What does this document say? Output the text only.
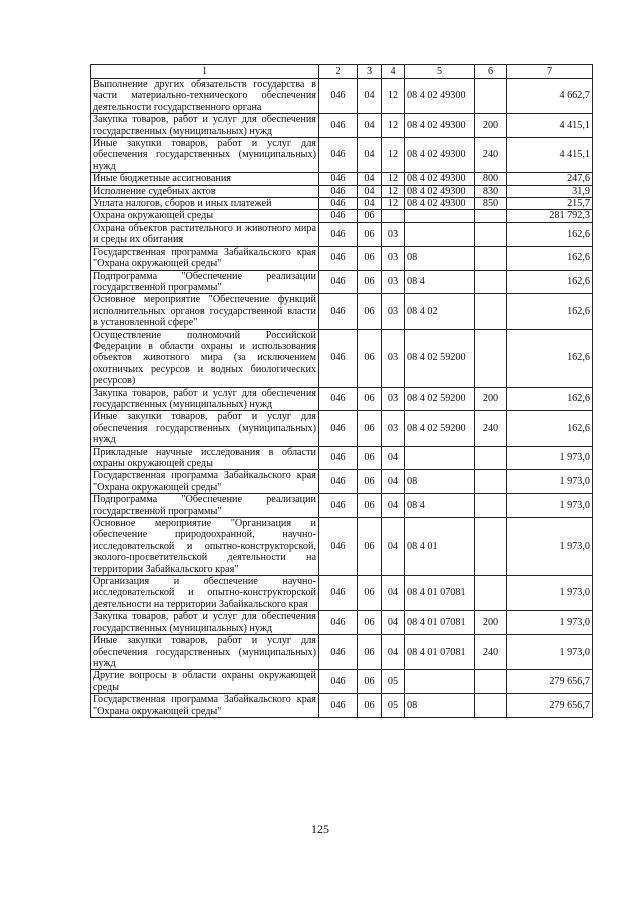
1	2	3	4	5	6	7
Выполнение других обязательств государства в части материально-технического обеспечения деятельности государственного органа	046	04	12	08 4 02 49300		4 662,7
Закупка товаров, работ и услуг для обеспечения государственных (муниципальных) нужд	046	04	12	08 4 02 49300	200	4 415,1
Иные закупки товаров, работ и услуг для обеспечения государственных (муниципальных) нужд	046	04	12	08 4 02 49300	240	4 415,1
Иные бюджетные ассигнования	046	04	12	08 4 02 49300	800	247,6
Исполнение судебных актов	046	04	12	08 4 02 49300	830	31,9
Уплата налогов, сборов и иных платежей	046	04	12	08 4 02 49300	850	215,7
Охрана окружающей среды	046	06				281 792,3
Охрана объектов растительного и животного мира и среды их обитания	046	06	03			162,6
Государственная программа Забайкальского края "Охрана окружающей среды"	046	06	03	08		162,6
Подпрограмма "Обеспечение реализации государственной программы"	046	06	03	08 4		162,6
Основное мероприятие "Обеспечение функций исполнительных органов государственной власти в установленной сфере"	046	06	03	08 4 02		162,6
Осуществление полномочий Российской Федерации в области охраны и использования объектов животного мира (за исключением охотничьих ресурсов и водных биологических ресурсов)	046	06	03	08 4 02 59200		162,6
Закупка товаров, работ и услуг для обеспечения государственных (муниципальных) нужд	046	06	03	08 4 02 59200	200	162,6
Иные закупки товаров, работ и услуг для обеспечения государственных (муниципальных) нужд	046	06	03	08 4 02 59200	240	162,6
Прикладные научные исследования в области охраны окружающей среды	046	06	04			1 973,0
Государственная программа Забайкальского края "Охрана окружающей среды"	046	06	04	08		1 973,0
Подпрограмма "Обеспечение реализации государственной программы"	046	06	04	08 4		1 973,0
Основное мероприятие "Организация и обеспечение природоохранной, научно-исследовательской и опытно-конструкторской, эколого-просветительской деятельности на территории Забайкальского края"	046	06	04	08 4 01		1 973,0
Организация и обеспечение научно-исследовательской и опытно-конструкторской деятельности на территории Забайкальского края	046	06	04	08 4 01 07081		1 973,0
Закупка товаров, работ и услуг для обеспечения государственных (муниципальных) нужд	046	06	04	08 4 01 07081	200	1 973,0
Иные закупки товаров, работ и услуг для обеспечения государственных (муниципальных) нужд	046	06	04	08 4 01 07081	240	1 973,0
Другие вопросы в области охраны окружающей среды	046	06	05			279 656,7
Государственная программа Забайкальского края "Охрана окружающей среды"	046	06	05	08		279 656,7
125
